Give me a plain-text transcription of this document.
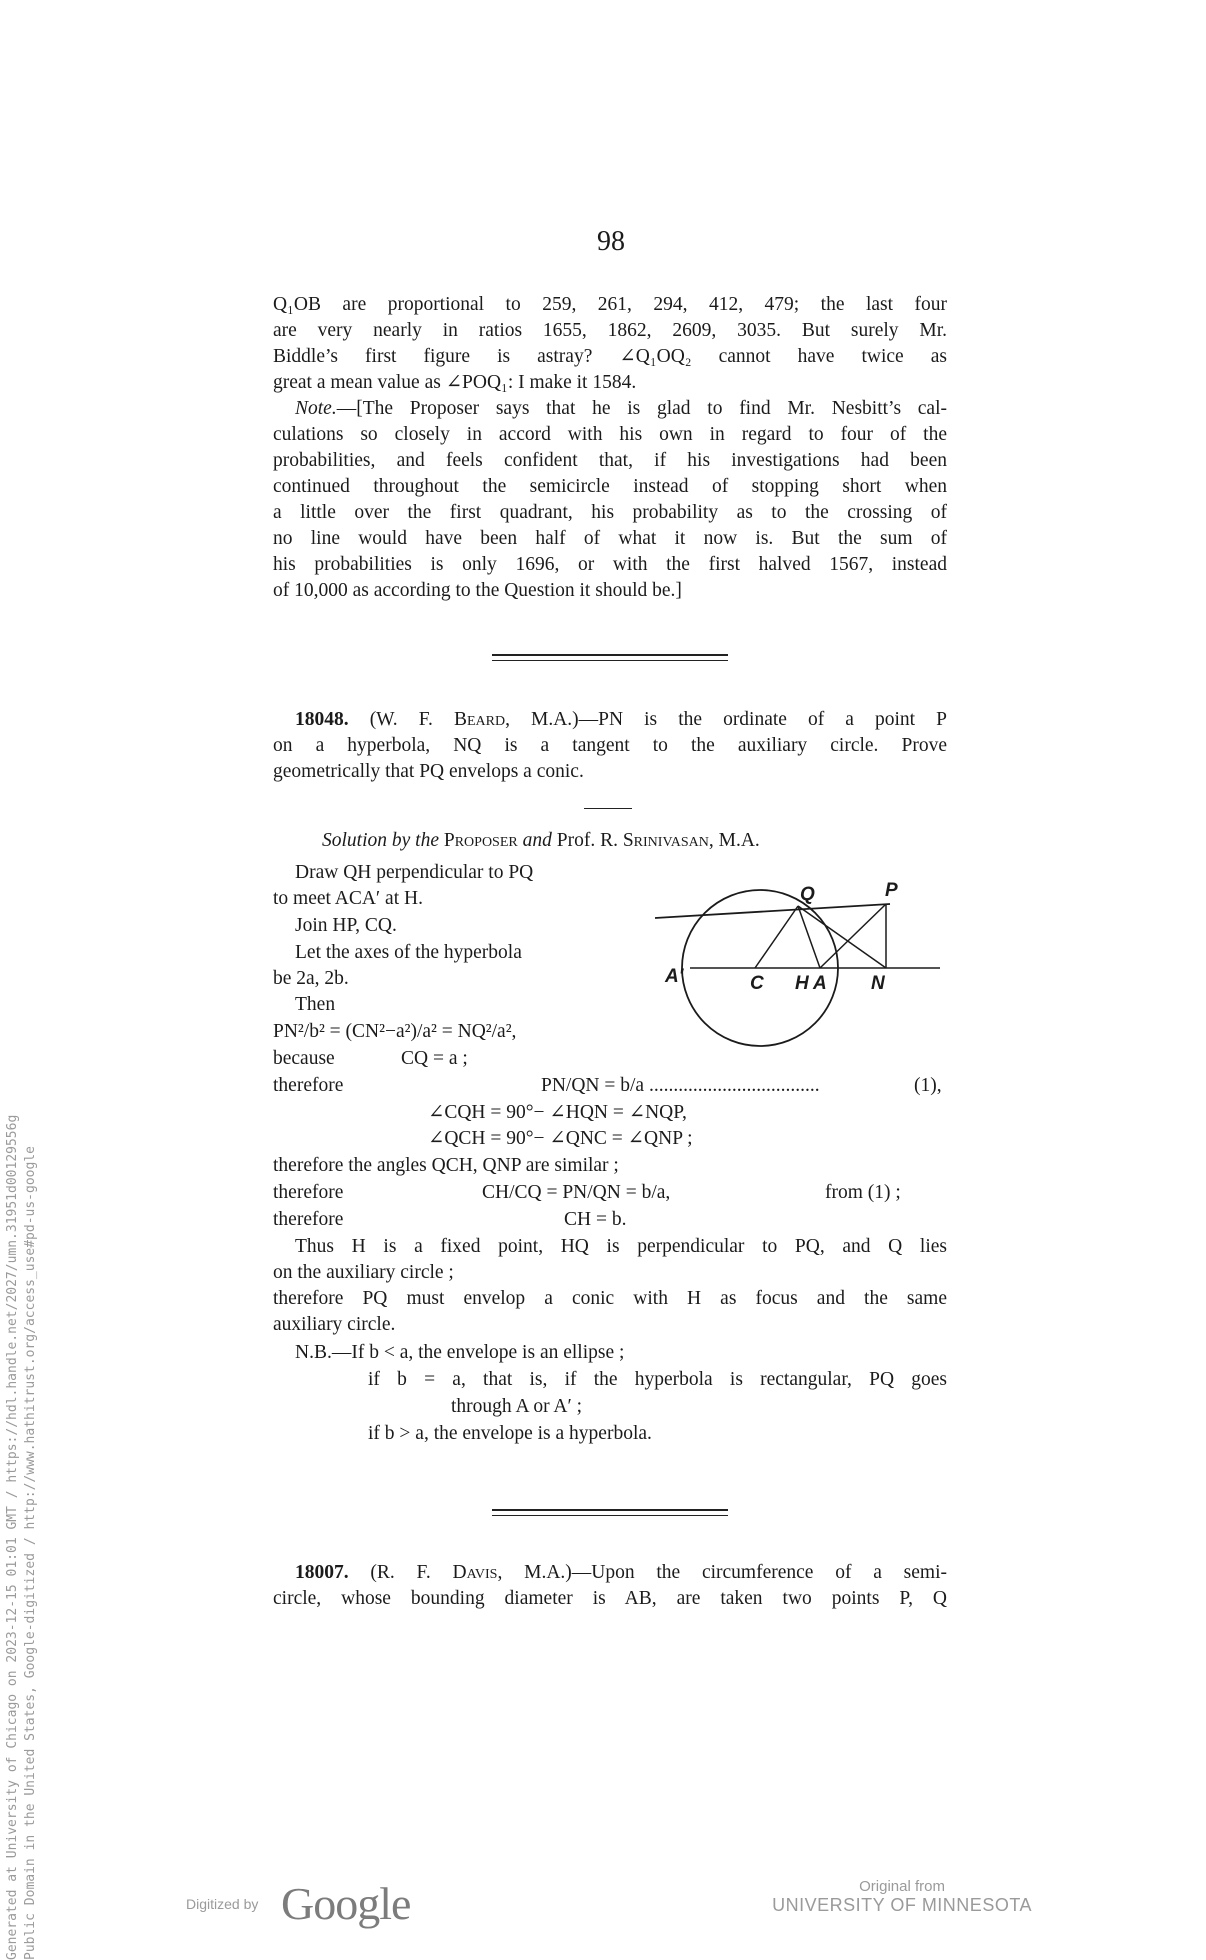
Generated at University of Chicago on 2023-12-15 01:01 GMT / https://hdl.handle.net/2027/umn.31951d00129556g Public Domain in the United States, Google-digitized / http://www.hathitrust.org/access_use#pd-us-google
98
Q₁OB are proportional to 259, 261, 294, 412, 479; the last four
are very nearly in ratios 1655, 1862, 2609, 3035. But surely Mr.
Biddle’s first figure is astray? ∠Q₁OQ₂ cannot have twice as
great a mean value as ∠POQ₁: I make it 1584.
Note.—[The Proposer says that he is glad to find Mr. Nesbitt’s cal-
culations so closely in accord with his own in regard to four of the
probabilities, and feels confident that, if his investigations had been
continued throughout the semicircle instead of stopping short when
a little over the first quadrant, his probability as to the crossing of
no line would have been half of what it now is. But the sum of
his probabilities is only 1696, or with the first halved 1567, instead
of 10,000 as according to the Question it should be.]
18048. (W. F. Beard, M.A.)—PN is the ordinate of a point P
on a hyperbola, NQ is a tangent to the auxiliary circle. Prove
geometrically that PQ envelops a conic.
Solution by the Proposer and Prof. R. Srinivasan, M.A.
Draw QH perpendicular to PQ
to meet ACA′ at H.
Join HP, CQ.
Let the axes of the hyperbola
be 2a, 2b.
Then
PN²/b² = (CN²−a²)/a² = NQ²/a²,
Q	P
A′	C H A N
because	CQ = a ;
therefore	PN/QN = b/a ...................................	(1),
∠CQH = 90°− ∠HQN = ∠NQP,
∠QCH = 90°− ∠QNC = ∠QNP ;
therefore the angles QCH, QNP are similar ;
therefore	CH/CQ = PN/QN = b/a,	from (1) ;
therefore	CH = b.
Thus H is a fixed point, HQ is perpendicular to PQ, and Q lies
on the auxiliary circle ;
therefore PQ must envelop a conic with H as focus and the same
auxiliary circle.
N.B.—If b < a, the envelope is an ellipse ;
if b = a, that is, if the hyperbola is rectangular, PQ goes
through A or A′ ;
if b > a, the envelope is a hyperbola.
18007. (R. F. Davis, M.A.)—Upon the circumference of a semi-
circle, whose bounding diameter is AB, are taken two points P, Q
Digitized by Google	Original from
UNIVERSITY OF MINNESOTA
